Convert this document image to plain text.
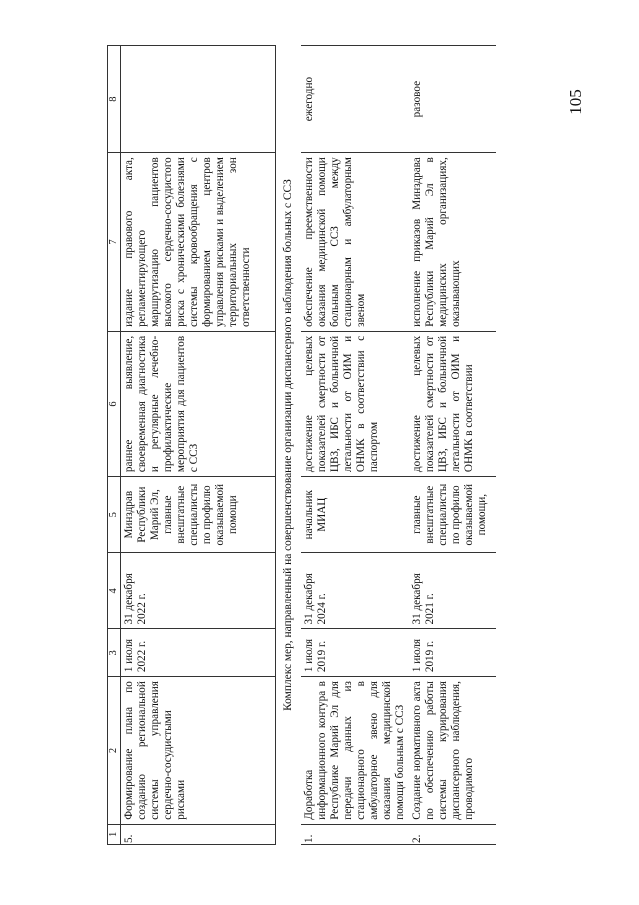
105
1	2	3	4	5	6	7	8
5.	Формирование плана по созданию региональной системы управления сердечно-сосудистыми рисками	1 июля 2022 г.	31 декабря 2022 г.	Минздрав Республики Марий Эл, главные внештатные специалисты по профилю оказываемой помощи	раннее выявление, своевременная диагностика и регулярные лечебно-профилактические мероприятия для пациентов с ССЗ	издание правового акта, регламентирующего маршрутизацию пациентов высокого сердечно-сосудистого риска с хроническими болезнями системы кровообращения с формированием центров управления рисками и выделением территориальных зон ответственности	
Комплекс мер, направленный на совершенствование организации диспансерного наблюдения больных с ССЗ							
1.	Доработка информационного контура в Республике Марий Эл для передачи данных из стационарного в амбулаторное звено для оказания медицинской помощи больным с ССЗ	1 июля 2019 г.	31 декабря 2024 г.	начальник МИАЦ	достижение целевых показателей смертности от ЦВЗ, ИБС и больничной летальности от ОИМ и ОНМК в соответствии с паспортом	обеспечение преемственности оказания медицинской помощи больным ССЗ между стационарным и амбулаторным звеном	ежегодно
2.	Создание нормативного акта по обеспечению работы системы курирования диспансерного наблюдения, проводимого	1 июля 2019 г.	31 декабря 2021 г.	главные внештатные специалисты по профилю оказываемой помощи,	достижение целевых показателей смертности от ЦВЗ, ИБС и больничной летальности от ОИМ и ОНМК в соответствии	исполнение приказов Минздрава Республики Марий Эл в медицинских организациях, оказывающих	разовое
